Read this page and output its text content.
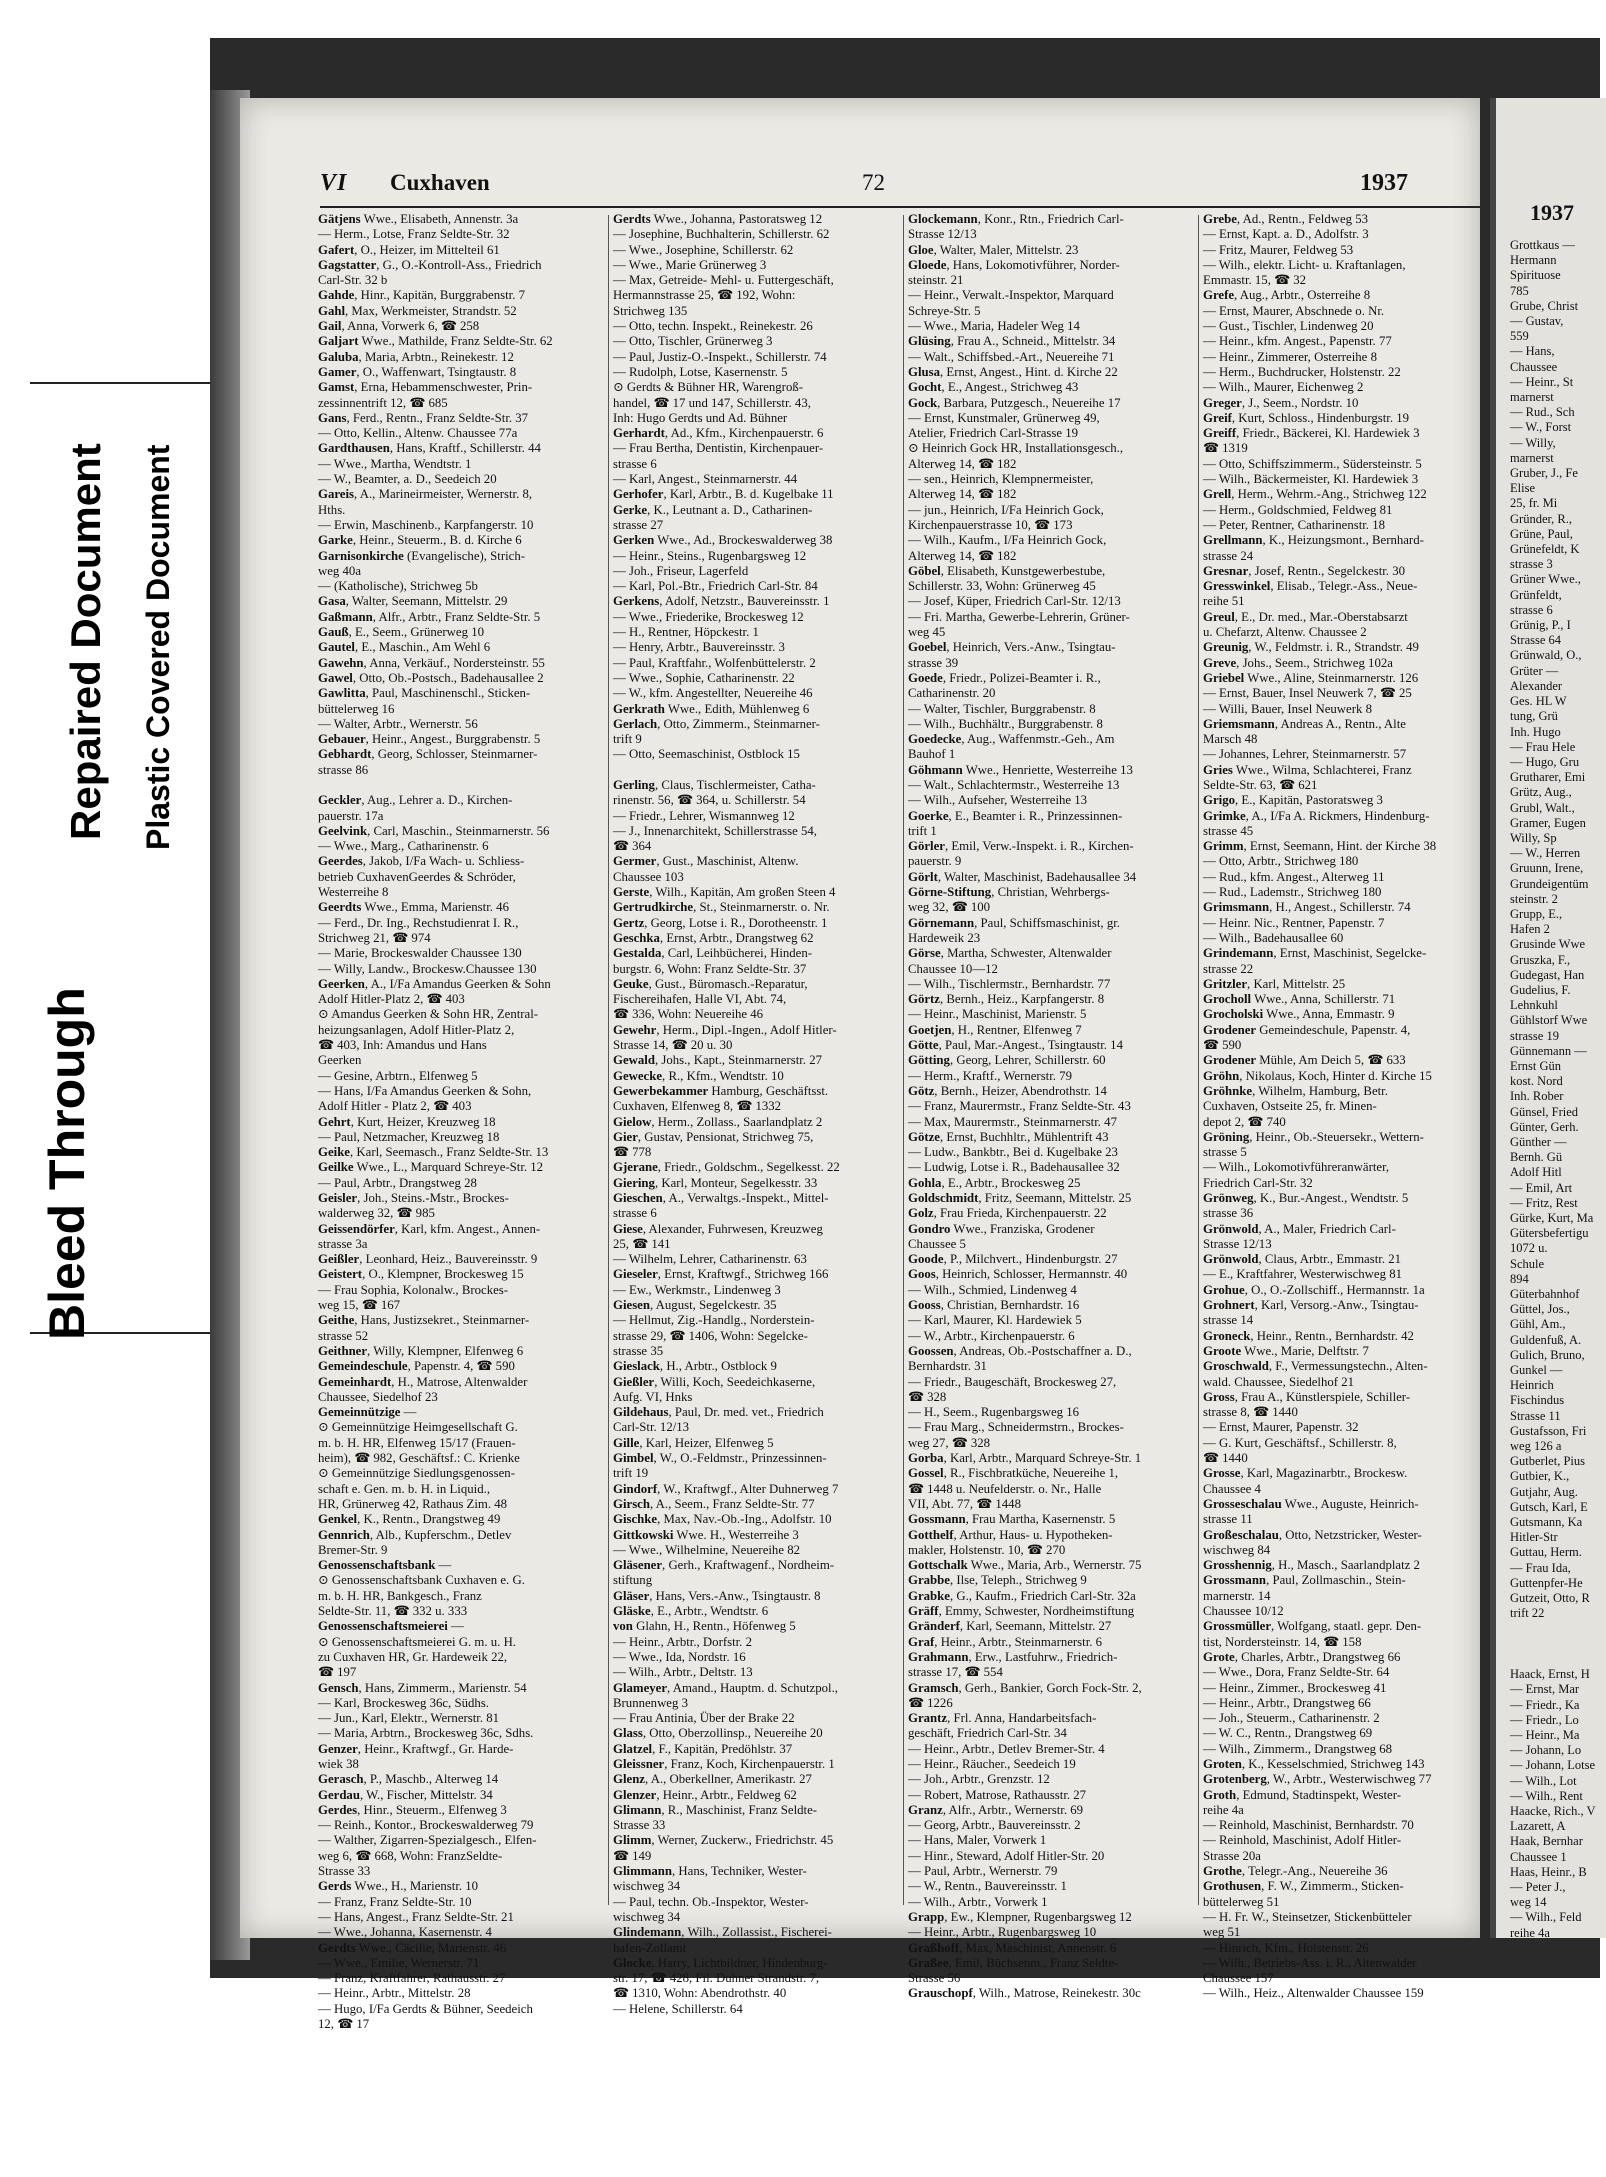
Bleed Through
Repaired Document Plastic Covered Document
VI Cuxhaven	72	1937
Gätjens Wwe., Elisabeth, Annenstr. 3a
— Herm., Lotse, Franz Seldte-Str. 32
Gafert, O., Heizer, im Mittelteil 61
Gagstatter, G., O.-Kontroll-Ass., Friedrich
Carl-Str. 32 b
Gahde, Hinr., Kapitän, Burggrabenstr. 7
Gahl, Max, Werkmeister, Strandstr. 52
Gail, Anna, Vorwerk 6, ☎ 258
Galjart Wwe., Mathilde, Franz Seldte-Str. 62
Galuba, Maria, Arbtn., Reinekestr. 12
Gamer, O., Waffenwart, Tsingtaustr. 8
Gamst, Erna, Hebammenschwester, Prin-
zessinnentrift 12, ☎ 685
Gans, Ferd., Rentn., Franz Seldte-Str. 37
— Otto, Kellin., Altenw. Chaussee 77a
Gardthausen, Hans, Kraftf., Schillerstr. 44
— Wwe., Martha, Wendtstr. 1
— W., Beamter, a. D., Seedeich 20
Gareis, A., Marineirmeister, Wernerstr. 8,
Hths.
— Erwin, Maschinenb., Karpfangerstr. 10
Garke, Heinr., Steuerm., B. d. Kirche 6
Garnisonkirche (Evangelische), Strich-
weg 40a
— (Katholische), Strichweg 5b
Gasa, Walter, Seemann, Mittelstr. 29
Gaßmann, Alfr., Arbtr., Franz Seldte-Str. 5
Gauß, E., Seem., Grünerweg 10
Gautel, E., Maschin., Am Wehl 6
Gawehn, Anna, Verkäuf., Nordersteinstr. 55
Gawel, Otto, Ob.-Postsch., Badehausallee 2
Gawlitta, Paul, Maschinenschl., Sticken-
büttelerweg 16
— Walter, Arbtr., Wernerstr. 56
Gebauer, Heinr., Angest., Burggrabenstr. 5
Gebhardt, Georg, Schlosser, Steinmarner-
strasse 86

Geckler, Aug., Lehrer a. D., Kirchen-
pauerstr. 17a
Geelvink, Carl, Maschin., Steinmarnerstr. 56
— Wwe., Marg., Catharinenstr. 6
Geerdes, Jakob, I/Fa Wach- u. Schliess-
betrieb CuxhavenGeerdes & Schröder,
Westerreihe 8
Geerdts Wwe., Emma, Marienstr. 46
— Ferd., Dr. Ing., Rechstudienrat I. R.,
Strichweg 21, ☎ 974
— Marie, Brockeswalder Chaussee 130
— Willy, Landw., Brockesw.Chaussee 130
Geerken, A., I/Fa Amandus Geerken & Sohn
Adolf Hitler-Platz 2, ☎ 403
⊙ Amandus Geerken & Sohn HR, Zentral-
heizungsanlagen, Adolf Hitler-Platz 2,
☎ 403, Inh: Amandus und Hans
Geerken
— Gesine, Arbtrn., Elfenweg 5
— Hans, I/Fa Amandus Geerken & Sohn,
Adolf Hitler - Platz 2, ☎ 403
Gehrt, Kurt, Heizer, Kreuzweg 18
— Paul, Netzmacher, Kreuzweg 18
Geike, Karl, Seemasch., Franz Seldte-Str. 13
Geilke Wwe., L., Marquard Schreye-Str. 12
— Paul, Arbtr., Drangstweg 28
Geisler, Joh., Steins.-Mstr., Brockes-
walderweg 32, ☎ 985
Geissendörfer, Karl, kfm. Angest., Annen-
strasse 3a
Geißler, Leonhard, Heiz., Bauvereinsstr. 9
Geistert, O., Klempner, Brockesweg 15
— Frau Sophia, Kolonalw., Brockes-
weg 15, ☎ 167
Geithe, Hans, Justizsekret., Steinmarner-
strasse 52
Geithner, Willy, Klempner, Elfenweg 6
Gemeindeschule, Papenstr. 4, ☎ 590
Gemeinhardt, H., Matrose, Altenwalder
Chaussee, Siedelhof 23
Gemeinnützige —
⊙ Gemeinnützige Heimgesellschaft G.
m. b. H. HR, Elfenweg 15/17 (Frauen-
heim), ☎ 982, Geschäftsf.: C. Krienke
⊙ Gemeinnützige Siedlungsgenossen-
schaft e. Gen. m. b. H. in Liquid.,
HR, Grünerweg 42, Rathaus Zim. 48
Genkel, K., Rentn., Drangstweg 49
Gennrich, Alb., Kupferschm., Detlev
Bremer-Str. 9
Genossenschaftsbank —
⊙ Genossenschaftsbank Cuxhaven e. G.
m. b. H. HR, Bankgesch., Franz
Seldte-Str. 11, ☎ 332 u. 333
Genossenschaftsmeierei —
⊙ Genossenschaftsmeierei G. m. u. H.
zu Cuxhaven HR, Gr. Hardeweik 22,
☎ 197
Gensch, Hans, Zimmerm., Marienstr. 54
— Karl, Brockesweg 36c, Südhs.
— Jun., Karl, Elektr., Wernerstr. 81
— Maria, Arbtrn., Brockesweg 36c, Sdhs.
Genzer, Heinr., Kraftwgf., Gr. Harde-
wiek 38
Gerasch, P., Maschb., Alterweg 14
Gerdau, W., Fischer, Mittelstr. 34
Gerdes, Hinr., Steuerm., Elfenweg 3
— Reinh., Kontor., Brockeswalderweg 79
— Walther, Zigarren-Spezialgesch., Elfen-
weg 6, ☎ 668, Wohn: FranzSeldte-
Strasse 33
Gerds Wwe., H., Marienstr. 10
— Franz, Franz Seldte-Str. 10
— Hans, Angest., Franz Seldte-Str. 21
— Wwe., Johanna, Kasernenstr. 4
Gerdts Wwe., Cäcilie, Marienstr. 46
— Wwe., Emilie, Wernerstr. 71
— Franz, Kraftfahrer, Rathausstr. 27
— Heinr., Arbtr., Mittelstr. 28
— Hugo, I/Fa Gerdts & Bühner, Seedeich
12, ☎ 17
Gerdts Wwe., Johanna, Pastoratsweg 12
— Josephine, Buchhalterin, Schillerstr. 62
— Wwe., Josephine, Schillerstr. 62
— Wwe., Marie Grünerweg 3
— Max, Getreide- Mehl- u. Futtergeschäft,
Hermannstrasse 25, ☎ 192, Wohn:
Strichweg 135
— Otto, techn. Inspekt., Reinekestr. 26
— Otto, Tischler, Grünerweg 3
— Paul, Justiz-O.-Inspekt., Schillerstr. 74
— Rudolph, Lotse, Kasernenstr. 5
⊙ Gerdts & Bühner HR, Warengroß-
handel, ☎ 17 und 147, Schillerstr. 43,
Inh: Hugo Gerdts und Ad. Bühner
Gerhardt, Ad., Kfm., Kirchenpauerstr. 6
— Frau Bertha, Dentistin, Kirchenpauer-
strasse 6
— Karl, Angest., Steinmarnerstr. 44
Gerhofer, Karl, Arbtr., B. d. Kugelbake 11
Gerke, K., Leutnant a. D., Catharinen-
strasse 27
Gerken Wwe., Ad., Brockeswalderweg 38
— Heinr., Steins., Rugenbargsweg 12
— Joh., Friseur, Lagerfeld
— Karl, Pol.-Btr., Friedrich Carl-Str. 84
Gerkens, Adolf, Netzstr., Bauvereinsstr. 1
— Wwe., Friederike, Brockesweg 12
— H., Rentner, Höpckestr. 1
— Henry, Arbtr., Bauvereinsstr. 3
— Paul, Kraftfahr., Wolfenbüttelerstr. 2
— Wwe., Sophie, Catharinenstr. 22
— W., kfm. Angestellter, Neuereihe 46
Gerkrath Wwe., Edith, Mühlenweg 6
Gerlach, Otto, Zimmerm., Steinmarner-
trift 9
— Otto, Seemaschinist, Ostblock 15

Gerling, Claus, Tischlermeister, Catha-
rinenstr. 56, ☎ 364, u. Schillerstr. 54
— Friedr., Lehrer, Wismannweg 12
— J., Innenarchitekt, Schillerstrasse 54,
☎ 364
Germer, Gust., Maschinist, Altenw.
Chaussee 103
Gerste, Wilh., Kapitän, Am großen Steen 4
Gertrudkirche, St., Steinmarnerstr. o. Nr.
Gertz, Georg, Lotse i. R., Dorotheenstr. 1
Geschka, Ernst, Arbtr., Drangstweg 62
Gestalda, Carl, Leihbücherei, Hinden-
burgstr. 6, Wohn: Franz Seldte-Str. 37
Geuke, Gust., Büromasch.-Reparatur,
Fischereihafen, Halle VI, Abt. 74,
☎ 336, Wohn: Neuereihe 46
Gewehr, Herm., Dipl.-Ingen., Adolf Hitler-
Strasse 14, ☎ 20 u. 30
Gewald, Johs., Kapt., Steinmarnerstr. 27
Gewecke, R., Kfm., Wendtstr. 10
Gewerbekammer Hamburg, Geschäftsst.
Cuxhaven, Elfenweg 8, ☎ 1332
Gielow, Herm., Zollass., Saarlandplatz 2
Gier, Gustav, Pensionat, Strichweg 75,
☎ 778
Gjerane, Friedr., Goldschm., Segelkesst. 22
Giering, Karl, Monteur, Segelkesstr. 33
Gieschen, A., Verwaltgs.-Inspekt., Mittel-
strasse 6
Giese, Alexander, Fuhrwesen, Kreuzweg
25, ☎ 141
— Wilhelm, Lehrer, Catharinenstr. 63
Gieseler, Ernst, Kraftwgf., Strichweg 166
— Ew., Werkmstr., Lindenweg 3
Giesen, August, Segelckestr. 35
— Hellmut, Zig.-Handlg., Norderstein-
strasse 29, ☎ 1406, Wohn: Segelcke-
strasse 35
Gieslack, H., Arbtr., Ostblock 9
Gießler, Willi, Koch, Seedeichkaserne,
Aufg. VI, Hnks
Gildehaus, Paul, Dr. med. vet., Friedrich
Carl-Str. 12/13
Gille, Karl, Heizer, Elfenweg 5
Gimbel, W., O.-Feldmstr., Prinzessinnen-
trift 19
Gindorf, W., Kraftwgf., Alter Duhnerweg 7
Girsch, A., Seem., Franz Seldte-Str. 77
Gischke, Max, Nav.-Ob.-Ing., Adolfstr. 10
Gittkowski Wwe. H., Westerreihe 3
— Wwe., Wilhelmine, Neuereihe 82
Gläsener, Gerh., Kraftwagenf., Nordheim-
stiftung
Gläser, Hans, Vers.-Anw., Tsingtaustr. 8
Gläske, E., Arbtr., Wendtstr. 6
von Glahn, H., Rentn., Höfenweg 5
— Heinr., Arbtr., Dorfstr. 2
— Wwe., Ida, Nordstr. 16
— Wilh., Arbtr., Deltstr. 13
Glameyer, Amand., Hauptm. d. Schutzpol.,
Brunnenweg 3
— Frau Antinia, Über der Brake 22
Glass, Otto, Oberzollinsp., Neuereihe 20
Glatzel, F., Kapitän, Predöhlstr. 37
Gleissner, Franz, Koch, Kirchenpauerstr. 1
Glenz, A., Oberkellner, Amerikastr. 27
Glenzer, Heinr., Arbtr., Feldweg 62
Glimann, R., Maschinist, Franz Seldte-
Strasse 33
Glimm, Werner, Zuckerw., Friedrichstr. 45
☎ 149
Glimmann, Hans, Techniker, Wester-
wischweg 34
— Paul, techn. Ob.-Inspektor, Wester-
wischweg 34
Glindemann, Wilh., Zollassist., Fischerei-
hafen-Zollamt
Glocke, Harry, Lichtbildner, Hindenburg-
str. 17, ☎ 428, Fil. Duhner Strandstr. 7,
☎ 1310, Wohn: Abendrothstr. 40
— Helene, Schillerstr. 64
Glockemann, Konr., Rtn., Friedrich Carl-
Strasse 12/13
Gloe, Walter, Maler, Mittelstr. 23
Gloede, Hans, Lokomotivführer, Norder-
steinstr. 21
— Heinr., Verwalt.-Inspektor, Marquard
Schreye-Str. 5
— Wwe., Maria, Hadeler Weg 14
Glüsing, Frau A., Schneid., Mittelstr. 34
— Walt., Schiffsbed.-Art., Neuereihe 71
Glusa, Ernst, Angest., Hint. d. Kirche 22
Gocht, E., Angest., Strichweg 43
Gock, Barbara, Putzgesch., Neuereihe 17
— Ernst, Kunstmaler, Grünerweg 49,
Atelier, Friedrich Carl-Strasse 19
⊙ Heinrich Gock HR, Installationsgesch.,
Alterweg 14, ☎ 182
— sen., Heinrich, Klempnermeister,
Alterweg 14, ☎ 182
— jun., Heinrich, I/Fa Heinrich Gock,
Kirchenpauerstrasse 10, ☎ 173
— Wilh., Kaufm., I/Fa Heinrich Gock,
Alterweg 14, ☎ 182
Göbel, Elisabeth, Kunstgewerbestube,
Schillerstr. 33, Wohn: Grünerweg 45
— Josef, Küper, Friedrich Carl-Str. 12/13
— Fri. Martha, Gewerbe-Lehrerin, Grüner-
weg 45
Goebel, Heinrich, Vers.-Anw., Tsingtau-
strasse 39
Goede, Friedr., Polizei-Beamter i. R.,
Catharinenstr. 20
— Walter, Tischler, Burggrabenstr. 8
— Wilh., Buchhältr., Burggrabenstr. 8
Goedecke, Aug., Waffenmstr.-Geh., Am
Bauhof 1
Göhmann Wwe., Henriette, Westerreihe 13
— Walt., Schlachtermstr., Westerreihe 13
— Wilh., Aufseher, Westerreihe 13
Goerke, E., Beamter i. R., Prinzessinnen-
trift 1
Görler, Emil, Verw.-Inspekt. i. R., Kirchen-
pauerstr. 9
Görlt, Walter, Maschinist, Badehausallee 34
Görne-Stiftung, Christian, Wehrbergs-
weg 32, ☎ 100
Görnemann, Paul, Schiffsmaschinist, gr.
Hardeweik 23
Görse, Martha, Schwester, Altenwalder
Chaussee 10—12
— Wilh., Tischlermstr., Bernhardstr. 77
Görtz, Bernh., Heiz., Karpfangerstr. 8
— Heinr., Maschinist, Marienstr. 5
Goetjen, H., Rentner, Elfenweg 7
Götte, Paul, Mar.-Angest., Tsingtaustr. 14
Götting, Georg, Lehrer, Schillerstr. 60
— Herm., Kraftf., Wernerstr. 79
Götz, Bernh., Heizer, Abendrothstr. 14
— Franz, Maurermstr., Franz Seldte-Str. 43
— Max, Maurermstr., Steinmarnerstr. 47
Götze, Ernst, Buchhltr., Mühlentrift 43
— Ludw., Bankbtr., Bei d. Kugelbake 23
— Ludwig, Lotse i. R., Badehausallee 32
Gohla, E., Arbtr., Brockesweg 25
Goldschmidt, Fritz, Seemann, Mittelstr. 25
Golz, Frau Frieda, Kirchenpauerstr. 22
Gondro Wwe., Franziska, Grodener
Chaussee 5
Goode, P., Milchvert., Hindenburgstr. 27
Goos, Heinrich, Schlosser, Hermannstr. 40
— Wilh., Schmied, Lindenweg 4
Gooss, Christian, Bernhardstr. 16
— Karl, Maurer, Kl. Hardewiek 5
— W., Arbtr., Kirchenpauerstr. 6
Goossen, Andreas, Ob.-Postschaffner a. D.,
Bernhardstr. 31
— Friedr., Baugeschäft, Brockesweg 27,
☎ 328
— H., Seem., Rugenbargsweg 16
— Frau Marg., Schneidermstrn., Brockes-
weg 27, ☎ 328
Gorba, Karl, Arbtr., Marquard Schreye-Str. 1
Gossel, R., Fischbratküche, Neuereihe 1,
☎ 1448 u. Neufelderstr. o. Nr., Halle
VII, Abt. 77, ☎ 1448
Gossmann, Frau Martha, Kasernenstr. 5
Gotthelf, Arthur, Haus- u. Hypotheken-
makler, Holstenstr. 10, ☎ 270
Gottschalk Wwe., Maria, Arb., Wernerstr. 75
Grabbe, Ilse, Teleph., Strichweg 9
Grabke, G., Kaufm., Friedrich Carl-Str. 32a
Gräff, Emmy, Schwester, Nordheimstiftung
Gränderf, Karl, Seemann, Mittelstr. 27
Graf, Heinr., Arbtr., Steinmarnerstr. 6
Grahmann, Erw., Lastfuhrw., Friedrich-
strasse 17, ☎ 554
Gramsch, Gerh., Bankier, Gorch Fock-Str. 2,
☎ 1226
Grantz, Frl. Anna, Handarbeitsfach-
geschäft, Friedrich Carl-Str. 34
— Heinr., Arbtr., Detlev Bremer-Str. 4
— Heinr., Räucher., Seedeich 19
— Joh., Arbtr., Grenzstr. 12
— Robert, Matrose, Rathausstr. 27
Granz, Alfr., Arbtr., Wernerstr. 69
— Georg, Arbtr., Bauvereinsstr. 2
— Hans, Maler, Vorwerk 1
— Hinr., Steward, Adolf Hitler-Str. 20
— Paul, Arbtr., Wernerstr. 79
— W., Rentn., Bauvereinsstr. 1
— Wilh., Arbtr., Vorwerk 1
Grapp, Ew., Klempner, Rugenbargsweg 12
— Heinr., Arbtr., Rugenbargsweg 10
Graßhoff, Max, Maschinist, Annenstr. 6
Graßee, Emil, Büchsenm., Franz Seldte-
Strasse 56
Grauschopf, Wilh., Matrose, Reinekestr. 30c
Grebe, Ad., Rentn., Feldweg 53
— Ernst, Kapt. a. D., Adolfstr. 3
— Fritz, Maurer, Feldweg 53
— Wilh., elektr. Licht- u. Kraftanlagen,
Emmastr. 15, ☎ 32
Grefe, Aug., Arbtr., Osterreihe 8
— Ernst, Maurer, Abschnede o. Nr.
— Gust., Tischler, Lindenweg 20
— Heinr., kfm. Angest., Papenstr. 77
— Heinr., Zimmerer, Osterreihe 8
— Herm., Buchdrucker, Holstenstr. 22
— Wilh., Maurer, Eichenweg 2
Greger, J., Seem., Nordstr. 10
Greif, Kurt, Schloss., Hindenburgstr. 19
Greiff, Friedr., Bäckerei, Kl. Hardewiek 3
☎ 1319
— Otto, Schiffszimmerm., Südersteinstr. 5
— Wilh., Bäckermeister, Kl. Hardewiek 3
Grell, Herm., Wehrm.-Ang., Strichweg 122
— Herm., Goldschmied, Feldweg 81
— Peter, Rentner, Catharinenstr. 18
Grellmann, K., Heizungsmont., Bernhard-
strasse 24
Gresnar, Josef, Rentn., Segelckestr. 30
Gresswinkel, Elisab., Telegr.-Ass., Neue-
reihe 51
Greul, E., Dr. med., Mar.-Oberstabsarzt
u. Chefarzt, Altenw. Chaussee 2
Greunig, W., Feldmstr. i. R., Strandstr. 49
Greve, Johs., Seem., Strichweg 102a
Griebel Wwe., Aline, Steinmarnerstr. 126
— Ernst, Bauer, Insel Neuwerk 7, ☎ 25
— Willi, Bauer, Insel Neuwerk 8
Griemsmann, Andreas A., Rentn., Alte
Marsch 48
— Johannes, Lehrer, Steinmarnerstr. 57
Gries Wwe., Wilma, Schlachterei, Franz
Seldte-Str. 63, ☎ 621
Grigo, E., Kapitän, Pastoratsweg 3
Grimke, A., I/Fa A. Rickmers, Hindenburg-
strasse 45
Grimm, Ernst, Seemann, Hint. der Kirche 38
— Otto, Arbtr., Strichweg 180
— Rud., kfm. Angest., Alterweg 11
— Rud., Lademstr., Strichweg 180
Grimsmann, H., Angest., Schillerstr. 74
— Heinr. Nic., Rentner, Papenstr. 7
— Wilh., Badehausallee 60
Grindemann, Ernst, Maschinist, Segelcke-
strasse 22
Gritzler, Karl, Mittelstr. 25
Grocholl Wwe., Anna, Schillerstr. 71
Grocholski Wwe., Anna, Emmastr. 9
Grodener Gemeindeschule, Papenstr. 4,
☎ 590
Grodener Mühle, Am Deich 5, ☎ 633
Gröhn, Nikolaus, Koch, Hinter d. Kirche 15
Gröhnke, Wilhelm, Hamburg, Betr.
Cuxhaven, Ostseite 25, fr. Minen-
depot 2, ☎ 740
Gröning, Heinr., Ob.-Steuersekr., Wettern-
strasse 5
— Wilh., Lokomotivführeranwärter,
Friedrich Carl-Str. 32
Grönweg, K., Bur.-Angest., Wendtstr. 5
strasse 36
Grönwold, A., Maler, Friedrich Carl-
Strasse 12/13
Grönwold, Claus, Arbtr., Emmastr. 21
— E., Kraftfahrer, Westerwischweg 81
Grohue, O., O.-Zollschiff., Hermannstr. 1a
Grohnert, Karl, Versorg.-Anw., Tsingtau-
strasse 14
Groneck, Heinr., Rentn., Bernhardstr. 42
Groote Wwe., Marie, Delftstr. 7
Groschwald, F., Vermessungstechn., Alten-
wald. Chaussee, Siedelhof 21
Gross, Frau A., Künstlerspiele, Schiller-
strasse 8, ☎ 1440
— Ernst, Maurer, Papenstr. 32
— G. Kurt, Geschäftsf., Schillerstr. 8,
☎ 1440
Grosse, Karl, Magazinarbtr., Brockesw.
Chaussee 4
Grosseschalau Wwe., Auguste, Heinrich-
strasse 11
Großeschalau, Otto, Netzstricker, Wester-
wischweg 84
Grosshennig, H., Masch., Saarlandplatz 2
Grossmann, Paul, Zollmaschin., Stein-
marnerstr. 14
Chaussee 10/12
Grossmüller, Wolfgang, staatl. gepr. Den-
tist, Nordersteinstr. 14, ☎ 158
Grote, Charles, Arbtr., Drangstweg 66
— Wwe., Dora, Franz Seldte-Str. 64
— Heinr., Zimmer., Brockesweg 41
— Heinr., Arbtr., Drangstweg 66
— Joh., Steuerm., Catharinenstr. 2
— W. C., Rentn., Drangstweg 69
— Wilh., Zimmerm., Drangstweg 68
Groten, K., Kesselschmied, Strichweg 143
Grotenberg, W., Arbtr., Westerwischweg 77
Groth, Edmund, Stadtinspekt, Wester-
reihe 4a
— Reinhold, Maschinist, Bernhardstr. 70
— Reinhold, Maschinist, Adolf Hitler-
Strasse 20a
Grothe, Telegr.-Ang., Neuereihe 36
Grothusen, F. W., Zimmerm., Sticken-
büttelerweg 51
— H. Fr. W., Steinsetzer, Stickenbütteler
weg 51
— Hinrich, Kfm., Holstenstr. 26
— Wilh., Betriebs-Ass. i. R., Altenwalder
Chaussee 157
— Wilh., Heiz., Altenwalder Chaussee 159
1937
Grottkaus —
Hermann
Spirituose
785
Grube, Christ
— Gustav,
559
— Hans,
Chaussee
— Heinr., St
marnerst
— Rud., Sch
— W., Forst
— Willy,
marnerst
Gruber, J., Fe
Elise
25, fr. Mi
Gründer, R.,
Grüne, Paul,
Grünefeldt, K
strasse 3
Grüner Wwe.,
Grünfeldt,
strasse 6
Grünig, P., I
Strasse 64
Grünwald, O.,
Grüter —
Alexander
Ges. HL W
tung, Grü
Inh. Hugo
— Frau Hele
— Hugo, Gru
Grutharer, Emi
Grütz, Aug.,
Grubl, Walt.,
Gramer, Eugen
Willy, Sp
— W., Herren
Gruunn, Irene,
Grundeigentüm
steinstr. 2
Grupp, E.,
Hafen 2
Grusinde Wwe
Gruszka, F.,
Gudegast, Han
Gudelius, F.
Lehnkuhl
Gühlstorf Wwe
strasse 19
Günnemann —
Ernst Gün
kost. Nord
Inh. Rober
Günsel, Fried
Günter, Gerh.
Günther —
Bernh. Gü
Adolf Hitl
— Emil, Art
— Fritz, Rest
Gürke, Kurt, Ma
Gütersbefertigu
1072 u.
Schule
894
Güterbahnhof
Güttel, Jos.,
Gühl, Am.,
Guldenfuß, A.
Gulich, Bruno,
Gunkel —
Heinrich
Fischindus
Strasse 11
Gustafsson, Fri
weg 126 a
Gutberlet, Pius
Gutbier, K.,
Gutjahr, Aug.
Gutsch, Karl, E
Gutsmann, Ka
Hitler-Str
Guttau, Herm.
— Frau Ida,
Guttenpfer-He
Gutzeit, Otto, R
trift 22

Haack, Ernst, H
— Ernst, Mar
— Friedr., Ka
— Friedr., Lo
— Heinr., Ma
— Johann, Lo
— Johann, Lotse
— Wilh., Lot
— Wilh., Rent
Haacke, Rich., V
Lazarett, A
Haak, Bernhar
Chaussee 1
Haas, Heinr., B
— Peter J.,
weg 14
— Wilh., Feld
reihe 4a
